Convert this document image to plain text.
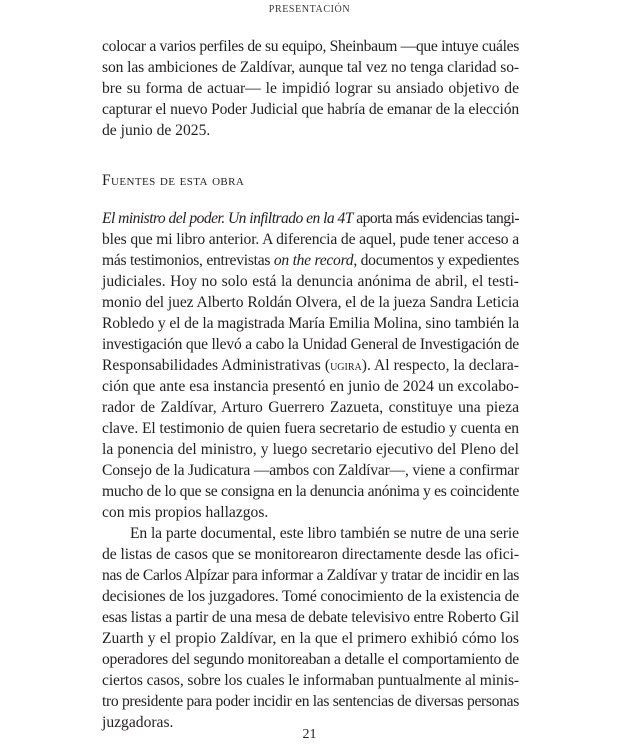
PRESENTACIÓN
colocar a varios perfiles de su equipo, Sheinbaum —que intuye cuáles
son las ambiciones de Zaldívar, aunque tal vez no tenga claridad so-
bre su forma de actuar— le impidió lograr su ansiado objetivo de
capturar el nuevo Poder Judicial que habría de emanar de la elección
de junio de 2025.
Fuentes de esta obra
El ministro del poder. Un infiltrado en la 4T aporta más evidencias tangi-
bles que mi libro anterior. A diferencia de aquel, pude tener acceso a
más testimonios, entrevistas on the record, documentos y expedientes
judiciales. Hoy no solo está la denuncia anónima de abril, el testi-
monio del juez Alberto Roldán Olvera, el de la jueza Sandra Leticia
Robledo y el de la magistrada María Emilia Molina, sino también la
investigación que llevó a cabo la Unidad General de Investigación de
Responsabilidades Administrativas (ugira). Al respecto, la declara-
ción que ante esa instancia presentó en junio de 2024 un excolabo-
rador de Zaldívar, Arturo Guerrero Zazueta, constituye una pieza
clave. El testimonio de quien fuera secretario de estudio y cuenta en
la ponencia del ministro, y luego secretario ejecutivo del Pleno del
Consejo de la Judicatura —ambos con Zaldívar—, viene a confirmar
mucho de lo que se consigna en la denuncia anónima y es coincidente
con mis propios hallazgos.
En la parte documental, este libro también se nutre de una serie
de listas de casos que se monitorearon directamente desde las ofici-
nas de Carlos Alpízar para informar a Zaldívar y tratar de incidir en las
decisiones de los juzgadores. Tomé conocimiento de la existencia de
esas listas a partir de una mesa de debate televisivo entre Roberto Gil
Zuarth y el propio Zaldívar, en la que el primero exhibió cómo los
operadores del segundo monitoreaban a detalle el comportamiento de
ciertos casos, sobre los cuales le informaban puntualmente al minis-
tro presidente para poder incidir en las sentencias de diversas personas
juzgadoras.
21
